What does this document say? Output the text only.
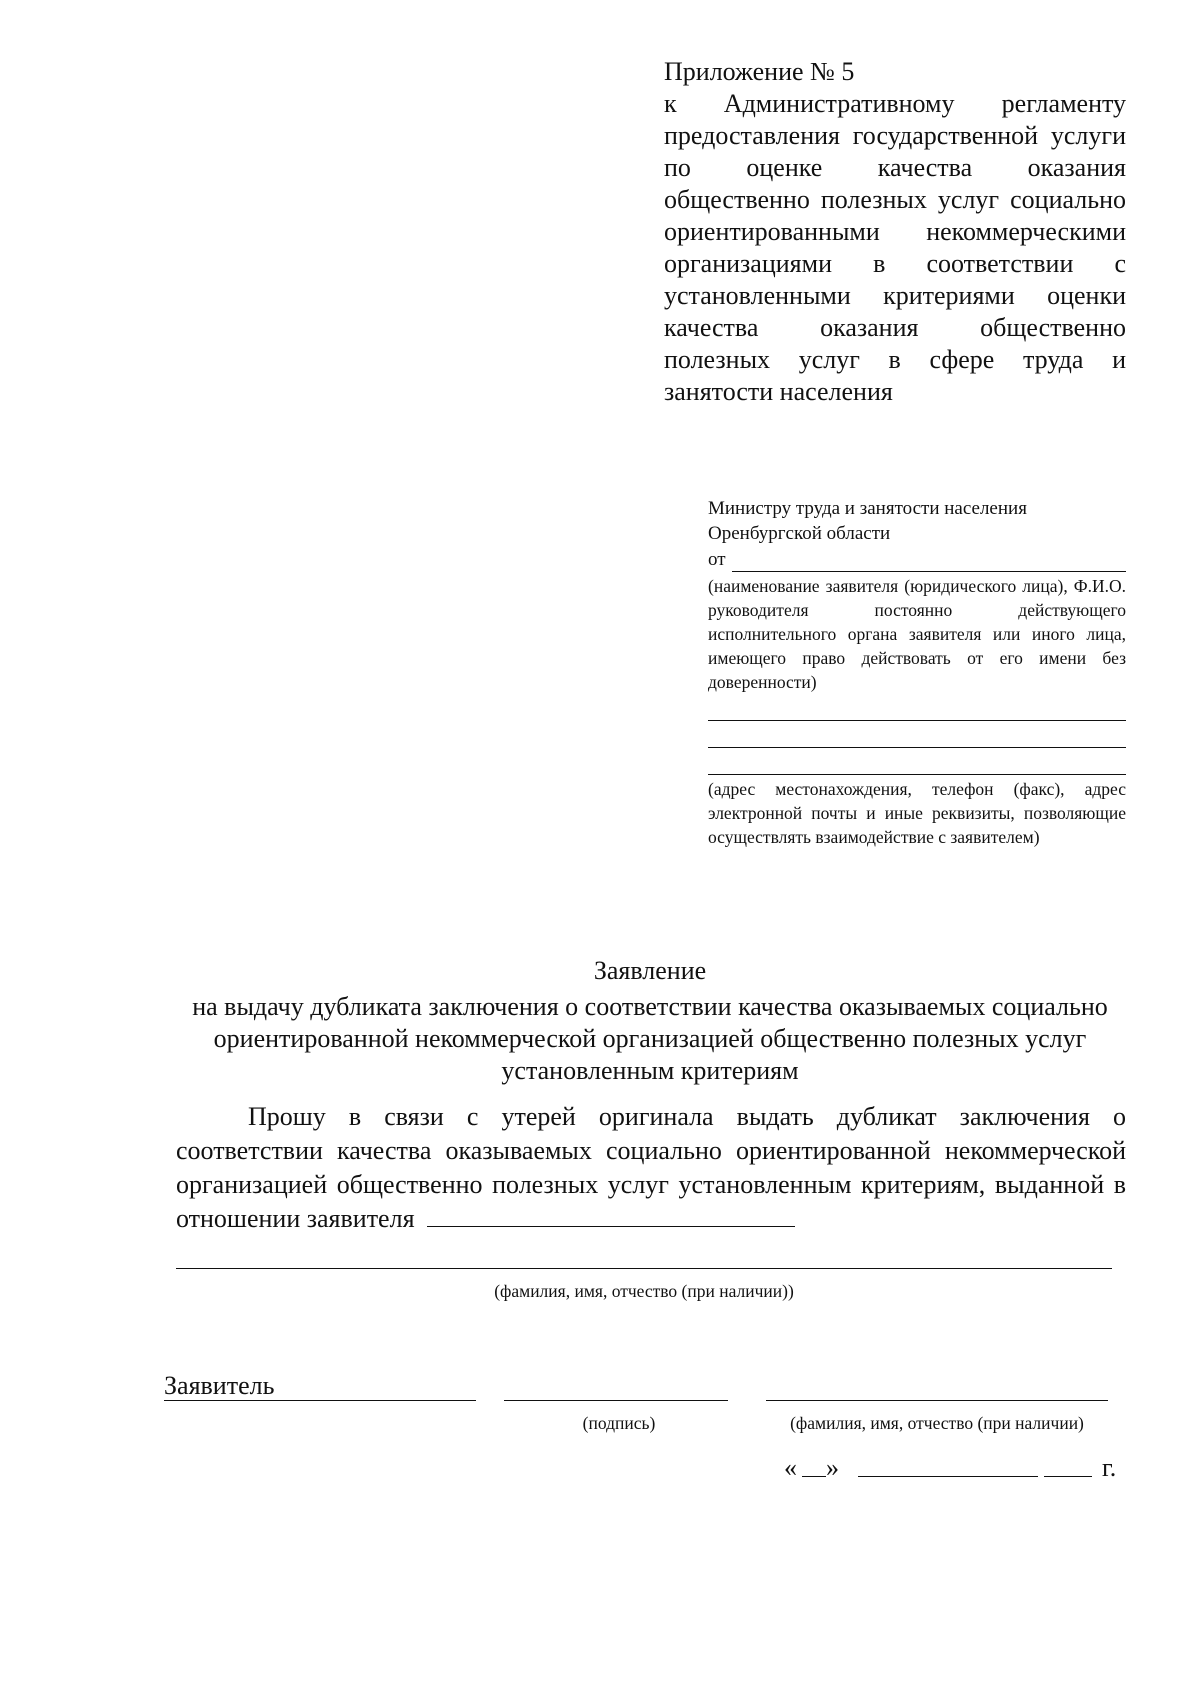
Приложение № 5

к Административному регламенту предоставления государственной услуги по оценке качества оказания общественно полезных услуг социально ориентированными некоммерческими организациями в соответствии с установленными критериями оценки качества оказания общественно полезных услуг в сфере труда и занятости населения

Министру труда и занятости населения

Оренбургской области

от

(наименование заявителя (юридического лица), Ф.И.О. руководителя постоянно действующего исполнительного органа заявителя или иного лица, имеющего право действовать от его имени без доверенности)

(адрес местонахождения, телефон (факс), адрес электронной почты и иные реквизиты, позволяющие осуществлять взаимодействие с заявителем)

Заявление

на выдачу дубликата заключения о соответствии качества оказываемых социально ориентированной некоммерческой организацией общественно полезных услуг установленным критериям

Прошу в связи с утерей оригинала выдать дубликат заключения о соответствии качества оказываемых социально ориентированной некоммерческой организацией общественно полезных услуг установленным критериям, выданной в отношении заявителя

(фамилия, имя, отчество (при наличии))
Заявитель
(подпись)	(фамилия, имя, отчество (при наличии)
« »	г.
